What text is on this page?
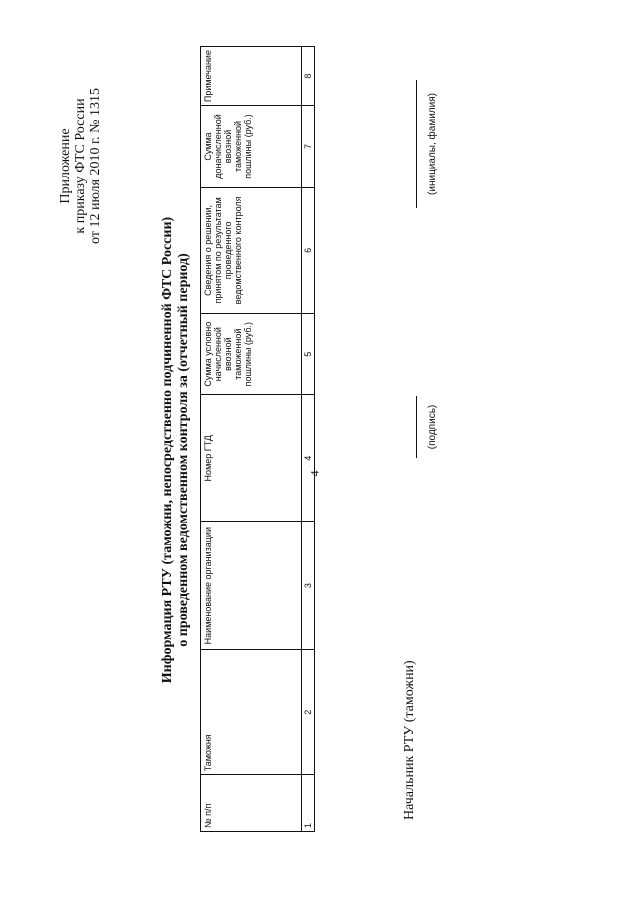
4
Приложение к приказу ФТС России от 12 июля 2010 г. № 1315
Информация РТУ (таможни, непосредственно подчиненной ФТС России) о проведенном ведомственном контроля за (отчетный период)
№ п/п	Таможня	Наименование организации	Номер ГТД	Сумма условно начисленной ввозной таможенной пошлины (руб.)	Сведения о решении, принятом по результатам проведенного ведомственного контроля	Сумма доначисленной ввозной таможенной пошлины (руб.)	Примечание
1	2	3	4	5	6	7	8
Начальник РТУ (таможни)
(подпись)
(инициалы, фамилия)
